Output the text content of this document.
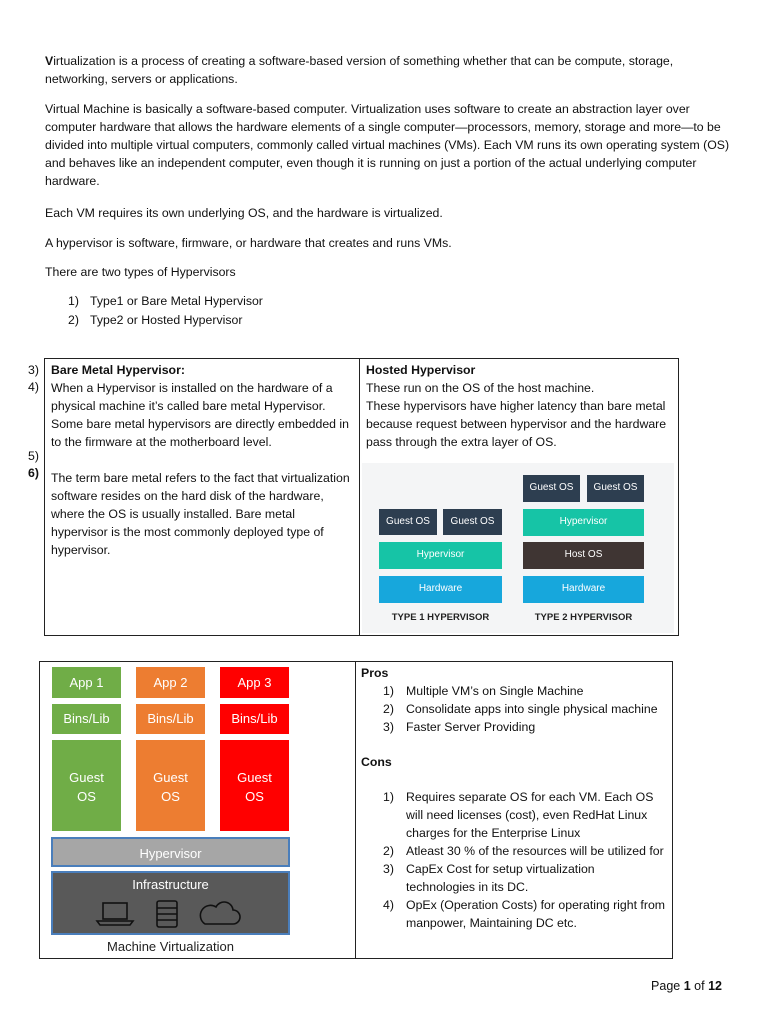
Virtualization is a process of creating a software-based version of something whether that can be compute, storage, networking, servers or applications.
Virtual Machine is basically a software-based computer. Virtualization uses software to create an abstraction layer over computer hardware that allows the hardware elements of a single computer—processors, memory, storage and more—to be divided into multiple virtual computers, commonly called virtual machines (VMs). Each VM runs its own operating system (OS) and behaves like an independent computer, even though it is running on just a portion of the actual underlying computer hardware.
Each VM requires its own underlying OS, and the hardware is virtualized.
A hypervisor is software, firmware, or hardware that creates and runs VMs.
There are two types of Hypervisors
1) Type1 or Bare Metal Hypervisor
2) Type2 or Hosted Hypervisor
3)
4)
5)
6)
Bare Metal Hypervisor:
When a Hypervisor is installed on the hardware of a physical machine it’s called bare metal Hypervisor. Some bare metal hypervisors are directly embedded in to the firmware at the motherboard level.
The term bare metal refers to the fact that virtualization software resides on the hard disk of the hardware, where the OS is usually installed. Bare metal hypervisor is the most commonly deployed type of hypervisor.
Hosted Hypervisor
These run on the OS of the host machine.
These hypervisors have higher latency than bare metal because request between hypervisor and the hardware pass through the extra layer of OS.
Guest OS	Guest OS
Hypervisor
Hardware
TYPE 1 HYPERVISOR
Guest OS	Guest OS
Hypervisor
Host OS
Hardware
TYPE 2 HYPERVISOR
App 1	App 2	App 3
Bins/Lib	Bins/Lib	Bins/Lib
Guest OS
Guest OS
Guest OS
Hypervisor
Infrastructure
Machine Virtualization
Pros
1) Multiple VM’s on Single Machine
2) Consolidate apps into single physical machine
3) Faster Server Providing
Cons
1) Requires separate OS for each VM. Each OS will need licenses (cost), even RedHat Linux charges for the Enterprise Linux
2) Atleast 30 % of the resources will be utilized for
3) CapEx Cost for setup virtualization technologies in its DC.
4) OpEx (Operation Costs) for operating right from manpower, Maintaining DC etc.
Page 1 of 12
